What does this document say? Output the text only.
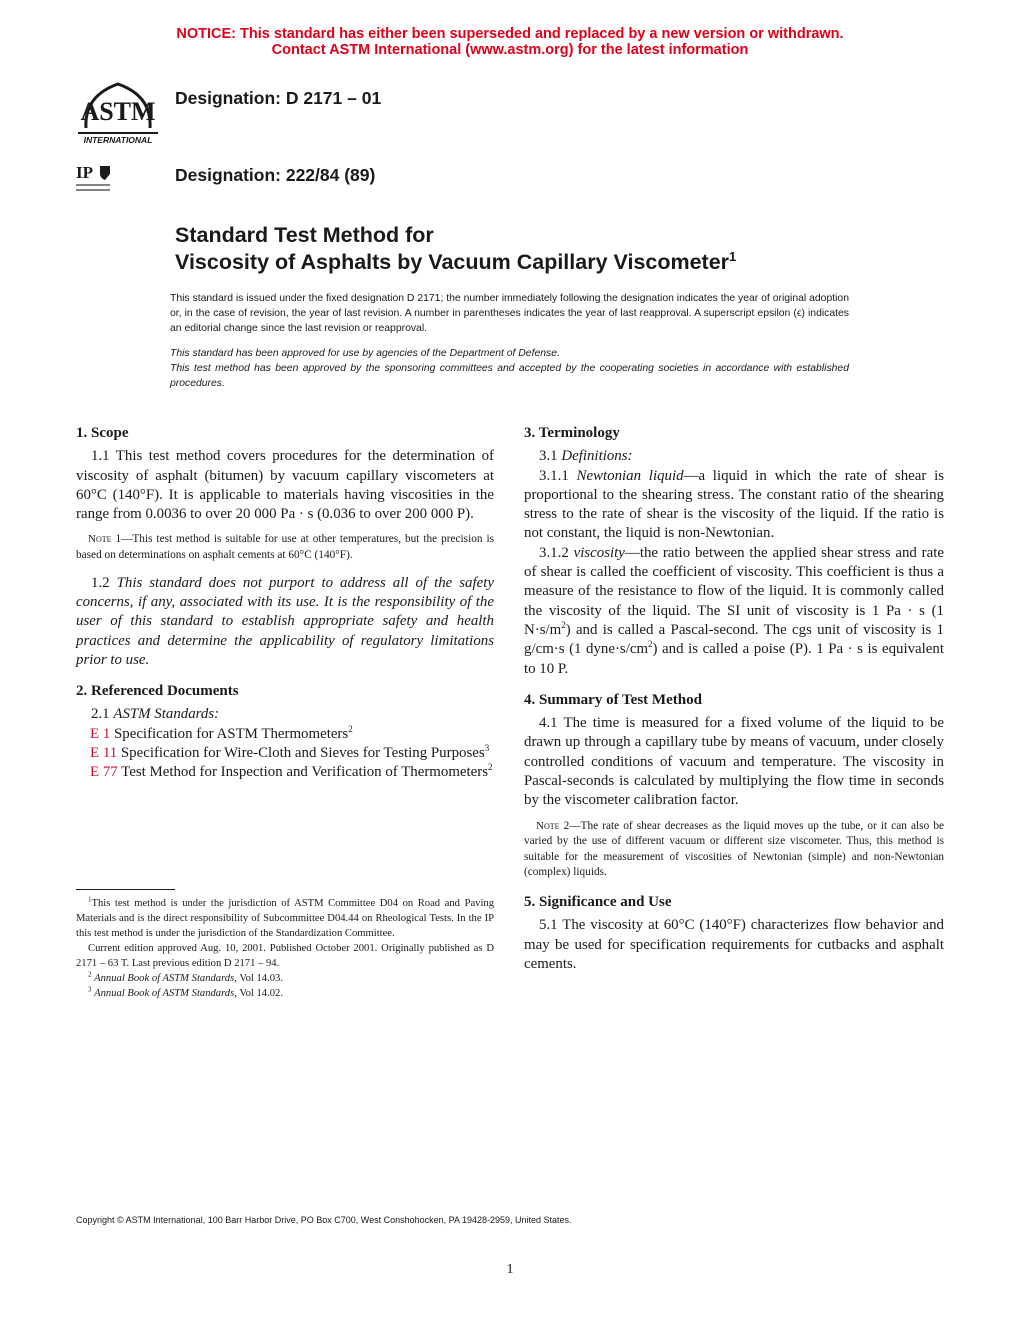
NOTICE: This standard has either been superseded and replaced by a new version or withdrawn.
Contact ASTM International (www.astm.org) for the latest information
ASTM
INTERNATIONAL
IP
Designation: D 2171 – 01
Designation: 222/84 (89)
Standard Test Method for
Viscosity of Asphalts by Vacuum Capillary Viscometer$^1$
This standard is issued under the fixed designation D 2171; the number immediately following the designation indicates the year of original adoption or, in the case of revision, the year of last revision. A number in parentheses indicates the year of last reapproval. A superscript epsilon (ϵ) indicates an editorial change since the last revision or reapproval.
This standard has been approved for use by agencies of the Department of Defense.
This test method has been approved by the sponsoring committees and accepted by the cooperating societies in accordance with established procedures.

1. Scope

1.1 This test method covers procedures for the determination of viscosity of asphalt (bitumen) by vacuum capillary viscometers at 60°C (140°F). It is applicable to materials having viscosities in the range from 0.0036 to over 20 000 Pa · s (0.036 to over 200 000 P).

Note 1—This test method is suitable for use at other temperatures, but the precision is based on determinations on asphalt cements at 60°C (140°F).

1.2 This standard does not purport to address all of the safety concerns, if any, associated with its use. It is the responsibility of the user of this standard to establish appropriate safety and health practices and determine the applicability of regulatory limitations prior to use.

2. Referenced Documents

2.1 ASTM Standards:

E 1 Specification for ASTM Thermometers$^2$

E 11 Specification for Wire-Cloth and Sieves for Testing Purposes$^3$

E 77 Test Method for Inspection and Verification of Thermometers$^2$

$^1$This test method is under the jurisdiction of ASTM Committee D04 on Road and Paving Materials and is the direct responsibility of Subcommittee D04.44 on Rheological Tests. In the IP this test method is under the jurisdiction of the Standardization Committee.

Current edition approved Aug. 10, 2001. Published October 2001. Originally published as D 2171 – 63 T. Last previous edition D 2171 – 94.

$^2$ Annual Book of ASTM Standards, Vol 14.03.

$^3$ Annual Book of ASTM Standards, Vol 14.02.

3. Terminology

3.1 Definitions:

3.1.1 Newtonian liquid—a liquid in which the rate of shear is proportional to the shearing stress. The constant ratio of the shearing stress to the rate of shear is the viscosity of the liquid. If the ratio is not constant, the liquid is non-Newtonian.

3.1.2 viscosity—the ratio between the applied shear stress and rate of shear is called the coefficient of viscosity. This coefficient is thus a measure of the resistance to flow of the liquid. It is commonly called the viscosity of the liquid. The SI unit of viscosity is 1 Pa · s (1 $N\cdot s/m^2$) and is called a Pascal-second. The cgs unit of viscosity is 1 g/cm·s (1 $dyne\cdot s/cm^2$) and is called a poise (P). 1 Pa · s is equivalent to 10 P.

4. Summary of Test Method

4.1 The time is measured for a fixed volume of the liquid to be drawn up through a capillary tube by means of vacuum, under closely controlled conditions of vacuum and temperature. The viscosity in Pascal-seconds is calculated by multiplying the flow time in seconds by the viscometer calibration factor.

Note 2—The rate of shear decreases as the liquid moves up the tube, or it can also be varied by the use of different vacuum or different size viscometer. Thus, this method is suitable for the measurement of viscosities of Newtonian (simple) and non-Newtonian (complex) liquids.

5. Significance and Use

5.1 The viscosity at 60°C (140°F) characterizes flow behavior and may be used for specification requirements for cutbacks and asphalt cements.

Copyright © ASTM International, 100 Barr Harbor Drive, PO Box C700, West Conshohocken, PA 19428-2959, United States.
1
